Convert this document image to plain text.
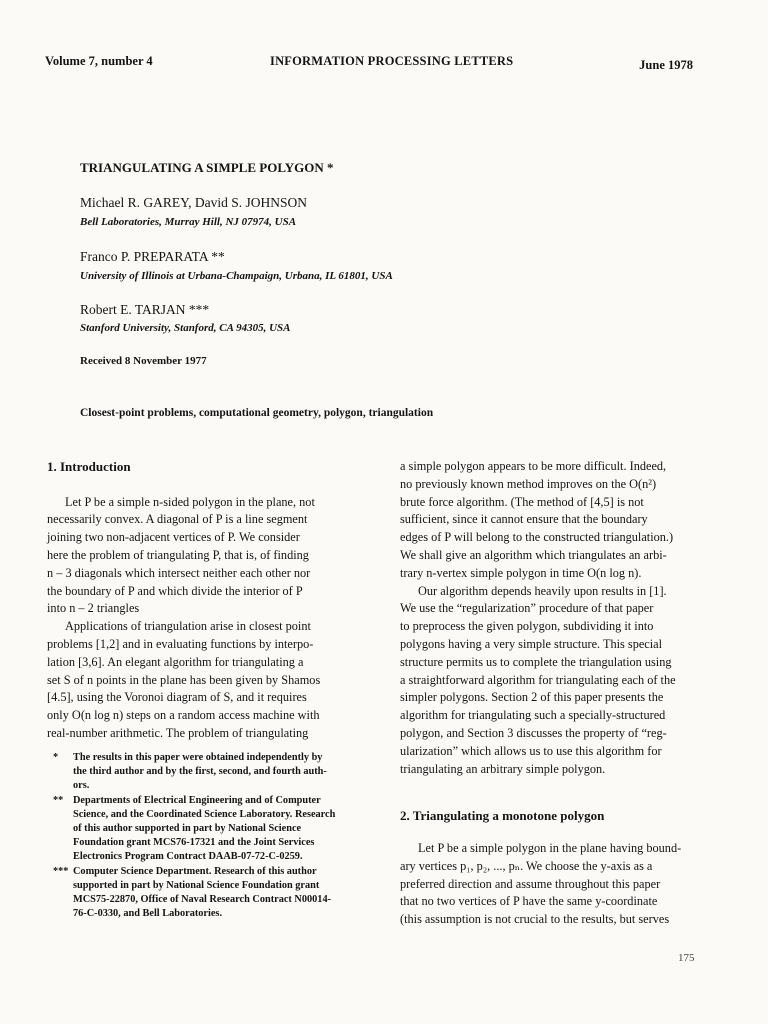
Volume 7, number 4	INFORMATION PROCESSING LETTERS	June 1978
TRIANGULATING A SIMPLE POLYGON *
Michael R. GAREY, David S. JOHNSON
Bell Laboratories, Murray Hill, NJ 07974, USA
Franco P. PREPARATA **
University of Illinois at Urbana-Champaign, Urbana, IL 61801, USA
Robert E. TARJAN ***
Stanford University, Stanford, CA 94305, USA
Received 8 November 1977
Closest-point problems, computational geometry, polygon, triangulation
1. Introduction
Let P be a simple n-sided polygon in the plane, not
necessarily convex. A diagonal of P is a line segment
joining two non-adjacent vertices of P. We consider
here the problem of triangulating P, that is, of finding
n – 3 diagonals which intersect neither each other nor
the boundary of P and which divide the interior of P
into n – 2 triangles
Applications of triangulation arise in closest point
problems [1,2] and in evaluating functions by interpo-
lation [3,6]. An elegant algorithm for triangulating a
set S of n points in the plane has been given by Shamos
[4.5], using the Voronoi diagram of S, and it requires
only O(n log n) steps on a random access machine with
real-number arithmetic. The problem of triangulating
a simple polygon appears to be more difficult. Indeed,
no previously known method improves on the O(n²)
brute force algorithm. (The method of [4,5] is not
sufficient, since it cannot ensure that the boundary
edges of P will belong to the constructed triangulation.)
We shall give an algorithm which triangulates an arbi-
trary n-vertex simple polygon in time O(n log n).
Our algorithm depends heavily upon results in [1].
We use the “regularization” procedure of that paper
to preprocess the given polygon, subdividing it into
polygons having a very simple structure. This special
structure permits us to complete the triangulation using
a straightforward algorithm for triangulating each of the
simpler polygons. Section 2 of this paper presents the
algorithm for triangulating such a specially-structured
polygon, and Section 3 discusses the property of “reg-
ularization” which allows us to use this algorithm for
triangulating an arbitrary simple polygon.
* The results in this paper were obtained independently by
the third author and by the first, second, and fourth auth-
ors.
** Departments of Electrical Engineering and of Computer
Science, and the Coordinated Science Laboratory. Research
of this author supported in part by National Science
Foundation grant MCS76-17321 and the Joint Services
Electronics Program Contract DAAB-07-72-C-0259.
*** Computer Science Department. Research of this author
supported in part by National Science Foundation grant
MCS75-22870, Office of Naval Research Contract N00014-
76-C-0330, and Bell Laboratories.
2. Triangulating a monotone polygon
Let P be a simple polygon in the plane having bound-
ary vertices p₁, p₂, ..., pₙ. We choose the y-axis as a
preferred direction and assume throughout this paper
that no two vertices of P have the same y-coordinate
(this assumption is not crucial to the results, but serves
175
